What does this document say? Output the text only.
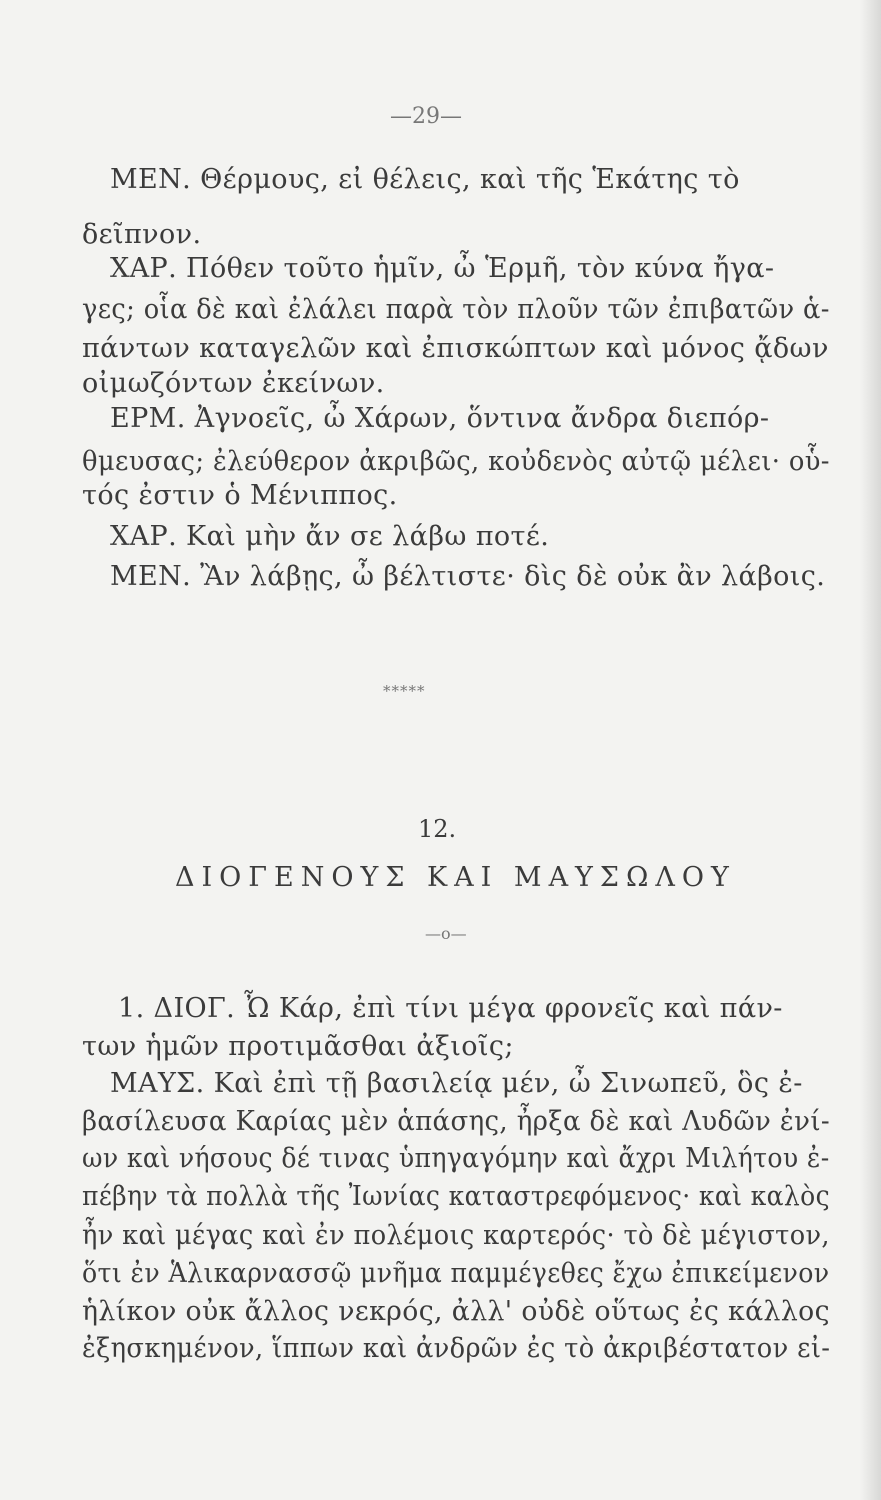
—29—
ΜΕΝ. Θέρμους, εἰ θέλεις, καὶ τῆς Ἑκάτης τὸ
δεῖπνον.
ΧΑΡ. Πόθεν τοῦτο ἡμῖν, ὦ Ἑρμῆ, τὸν κύνα ἤγα-
γες; οἷα δὲ καὶ ἐλάλει παρὰ τὸν πλοῦν τῶν ἐπιβατῶν ἁ-
πάντων καταγελῶν καὶ ἐπισκώπτων καὶ μόνος ᾄδων
οἰμωζόντων ἐκείνων.
ΕΡΜ. Ἀγνοεῖς, ὦ Χάρων, ὅντινα ἄνδρα διεπόρ-
θμευσας; ἐλεύθερον ἀκριβῶς, κοὐδενὸς αὐτῷ μέλει· οὗ-
τός ἐστιν ὁ Μένιππος.
ΧΑΡ. Καὶ μὴν ἄν σε λάβω ποτέ.
ΜΕΝ. Ἂν λάβῃς, ὦ βέλτιστε· δὶς δὲ οὐκ ἂν λάβοις.
*****
12.
ΔΙΟΓΕΝΟΥΣ ΚΑΙ ΜΑΥΣΩΛΟΥ
—o—
1. ΔΙΟΓ. Ὦ Κάρ, ἐπὶ τίνι μέγα φρονεῖς καὶ πάν-
των ἡμῶν προτιμᾶσθαι ἀξιοῖς;
ΜΑΥΣ. Καὶ ἐπὶ τῇ βασιλείᾳ μέν, ὦ Σινωπεῦ, ὃς ἐ-
βασίλευσα Καρίας μὲν ἁπάσης, ἦρξα δὲ καὶ Λυδῶν ἐνί-
ων καὶ νήσους δέ τινας ὑπηγαγόμην καὶ ἄχρι Μιλήτου ἐ-
πέβην τὰ πολλὰ τῆς Ἰωνίας καταστρεφόμενος· καὶ καλὸς
ἦν καὶ μέγας καὶ ἐν πολέμοις καρτερός· τὸ δὲ μέγιστον,
ὅτι ἐν Ἁλικαρνασσῷ μνῆμα παμμέγεθες ἔχω ἐπικείμενον
ἡλίκον οὐκ ἄλλος νεκρός, ἀλλ' οὐδὲ οὕτως ἐς κάλλος
ἐξησκημένον, ἵππων καὶ ἀνδρῶν ἐς τὸ ἀκριβέστατον εἰ-
